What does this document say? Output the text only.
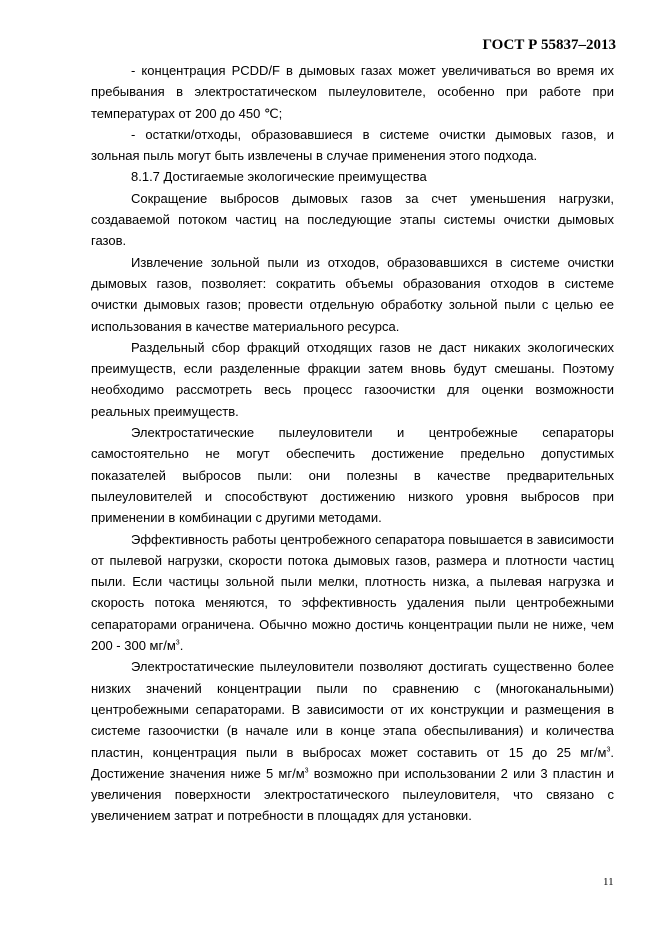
ГОСТ Р 55837–2013

- концентрация PCDD/F в дымовых газах может увеличиваться во время их пребывания в электростатическом пылеуловителе, особенно при работе при температурах от 200 до 450 ℃;

- остатки/отходы, образовавшиеся в системе очистки дымовых газов, и зольная пыль могут быть извлечены в случае применения этого подхода.

8.1.7 Достигаемые экологические преимущества

Сокращение выбросов дымовых газов за счет уменьшения нагрузки, создаваемой потоком частиц на последующие этапы системы очистки дымовых газов.

Извлечение зольной пыли из отходов, образовавшихся в системе очистки дымовых газов, позволяет: сократить объемы образования отходов в системе очистки дымовых газов; провести отдельную обработку зольной пыли с целью ее использования в качестве материального ресурса.

Раздельный сбор фракций отходящих газов не даст никаких экологических преимуществ, если разделенные фракции затем вновь будут смешаны. Поэтому необходимо рассмотреть весь процесс газоочистки для оценки возможности реальных преимуществ.

Электростатические пылеуловители и центробежные сепараторы самостоятельно не могут обеспечить достижение предельно допустимых показателей выбросов пыли: они полезны в качестве предварительных пылеуловителей и способствуют достижению низкого уровня выбросов при применении в комбинации с другими методами.

Эффективность работы центробежного сепаратора повышается в зависимости от пылевой нагрузки, скорости потока дымовых газов, размера и плотности частиц пыли. Если частицы зольной пыли мелки, плотность низка, а пылевая нагрузка и скорость потока меняются, то эффективность удаления пыли центробежными сепараторами ограничена. Обычно можно достичь концентрации пыли не ниже, чем 200 - 300 $мг/м^3$.

Электростатические пылеуловители позволяют достигать существенно более низких значений концентрации пыли по сравнению с (многоканальными) центробежными сепараторами. В зависимости от их конструкции и размещения в системе газоочистки (в начале или в конце этапа обеспыливания) и количества пластин, концентрация пыли в выбросах может составить от 15 до 25 $мг/м^3$. Достижение значения ниже 5 $мг/м^3$ возможно при использовании 2 или 3 пластин и увеличения поверхности электростатического пылеуловителя, что связано с увеличением затрат и потребности в площадях для установки.

11
